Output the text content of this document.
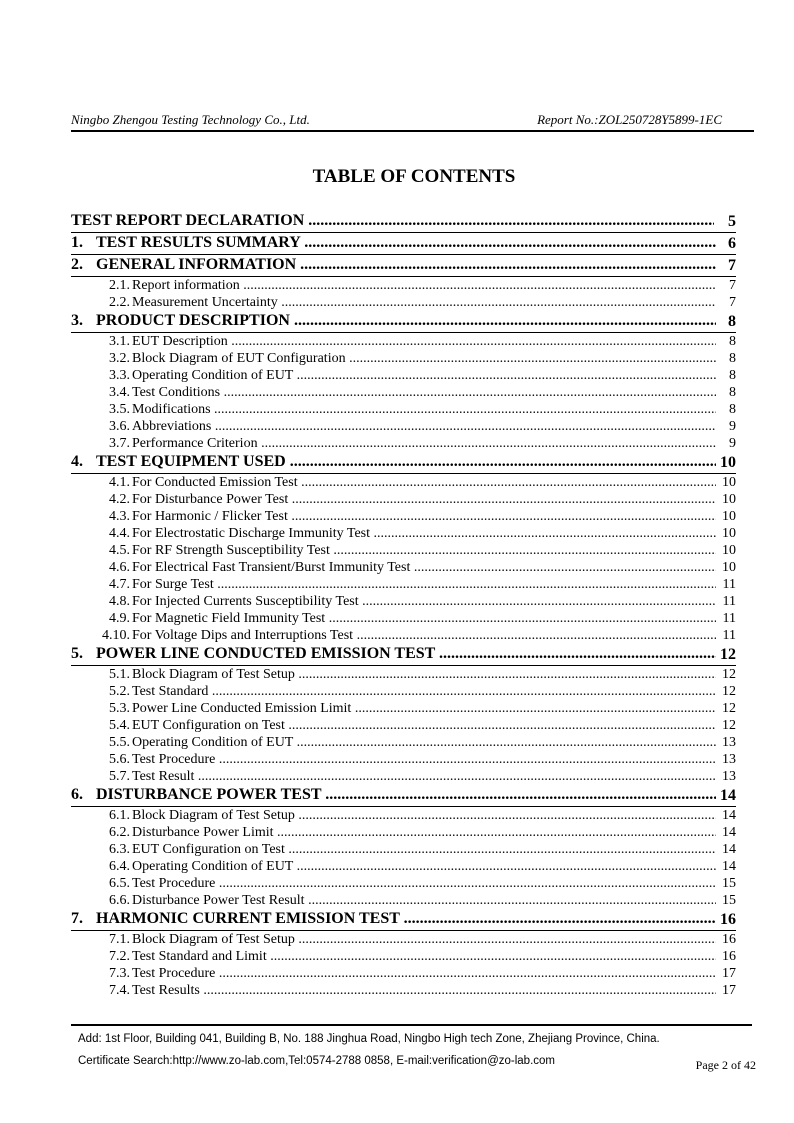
Ningbo Zhengou Testing Technology Co., Ltd.	Report No.:ZOL250728Y5899-1EC
TABLE OF CONTENTS
TEST REPORT DECLARATION .....	5
1. TEST RESULTS SUMMARY .....	6
2. GENERAL INFORMATION .....	7
2.1. Report information .....	7
2.2. Measurement Uncertainty .....	7
3. PRODUCT DESCRIPTION .....	8
3.1. EUT Description .....	8
3.2. Block Diagram of EUT Configuration .....	8
3.3. Operating Condition of EUT .....	8
3.4. Test Conditions .....	8
3.5. Modifications .....	8
3.6. Abbreviations .....	9
3.7. Performance Criterion .....	9
4. TEST EQUIPMENT USED .....	10
4.1. For Conducted Emission Test .....	10
4.2. For Disturbance Power Test .....	10
4.3. For Harmonic / Flicker Test .....	10
4.4. For Electrostatic Discharge Immunity Test .....	10
4.5. For RF Strength Susceptibility Test .....	10
4.6. For Electrical Fast Transient/Burst Immunity Test .....	10
4.7. For Surge Test .....	11
4.8. For Injected Currents Susceptibility Test .....	11
4.9. For Magnetic Field Immunity Test .....	11
4.10. For Voltage Dips and Interruptions Test .....	11
5. POWER LINE CONDUCTED EMISSION TEST .....	12
5.1. Block Diagram of Test Setup .....	12
5.2. Test Standard .....	12
5.3. Power Line Conducted Emission Limit .....	12
5.4. EUT Configuration on Test .....	12
5.5. Operating Condition of EUT .....	13
5.6. Test Procedure .....	13
5.7. Test Result .....	13
6. DISTURBANCE POWER TEST .....	14
6.1. Block Diagram of Test Setup .....	14
6.2. Disturbance Power Limit .....	14
6.3. EUT Configuration on Test .....	14
6.4. Operating Condition of EUT .....	14
6.5. Test Procedure .....	15
6.6. Disturbance Power Test Result .....	15
7. HARMONIC CURRENT EMISSION TEST .....	16
7.1. Block Diagram of Test Setup .....	16
7.2. Test Standard and Limit .....	16
7.3. Test Procedure .....	17
7.4. Test Results .....	17
Add: 1st Floor, Building 041, Building B, No. 188 Jinghua Road, Ningbo High tech Zone, Zhejiang Province, China.
Certificate Search:http://www.zo-lab.com,Tel:0574-2788 0858, E-mail:verification@zo-lab.com	Page 2 of 42
